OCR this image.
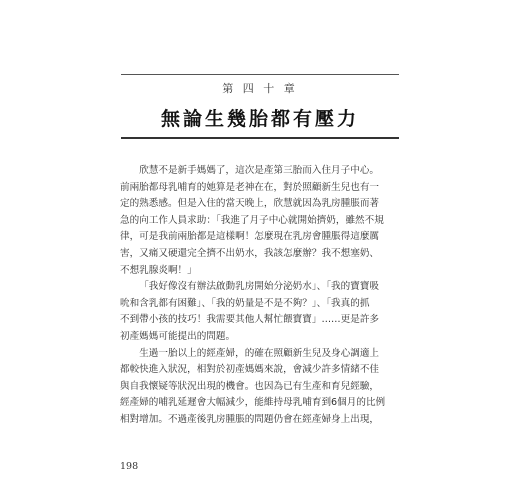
第 四 十 章
無論生幾胎都有壓力

欣慧不是新手媽媽了，這次是產第三胎而入住月子中心。
前兩胎都母乳哺育的她算是老神在在，對於照顧新生兒也有一
定的熟悉感。但是入住的當天晚上，欣慧就因為乳房腫脹而著
急的向工作人員求助：「我進了月子中心就開始擠奶，雖然不規
律，可是我前兩胎都是這樣啊！怎麼現在乳房會腫脹得這麼厲
害，又痛又硬還完全擠不出奶水，我該怎麼辦？我不想塞奶、
不想乳腺炎啊！」

「我好像沒有辦法啟動乳房開始分泌奶水」、「我的寶寶吸
吮和含乳都有困難」、「我的奶量是不是不夠？」、「我真的抓
不到帶小孩的技巧！我需要其他人幫忙餵寶寶」……更是許多
初產媽媽可能提出的問題。

生過一胎以上的經產婦，的確在照顧新生兒及身心調適上
都較快進入狀況，相對於初產媽媽來說，會減少許多情緒不佳
與自我懷疑等狀況出現的機會。也因為已有生產和育兒經驗，
經產婦的哺乳延遲會大幅減少，能維持母乳哺育到6個月的比例
相對增加。不過產後乳房腫脹的問題仍會在經產婦身上出現，

198
